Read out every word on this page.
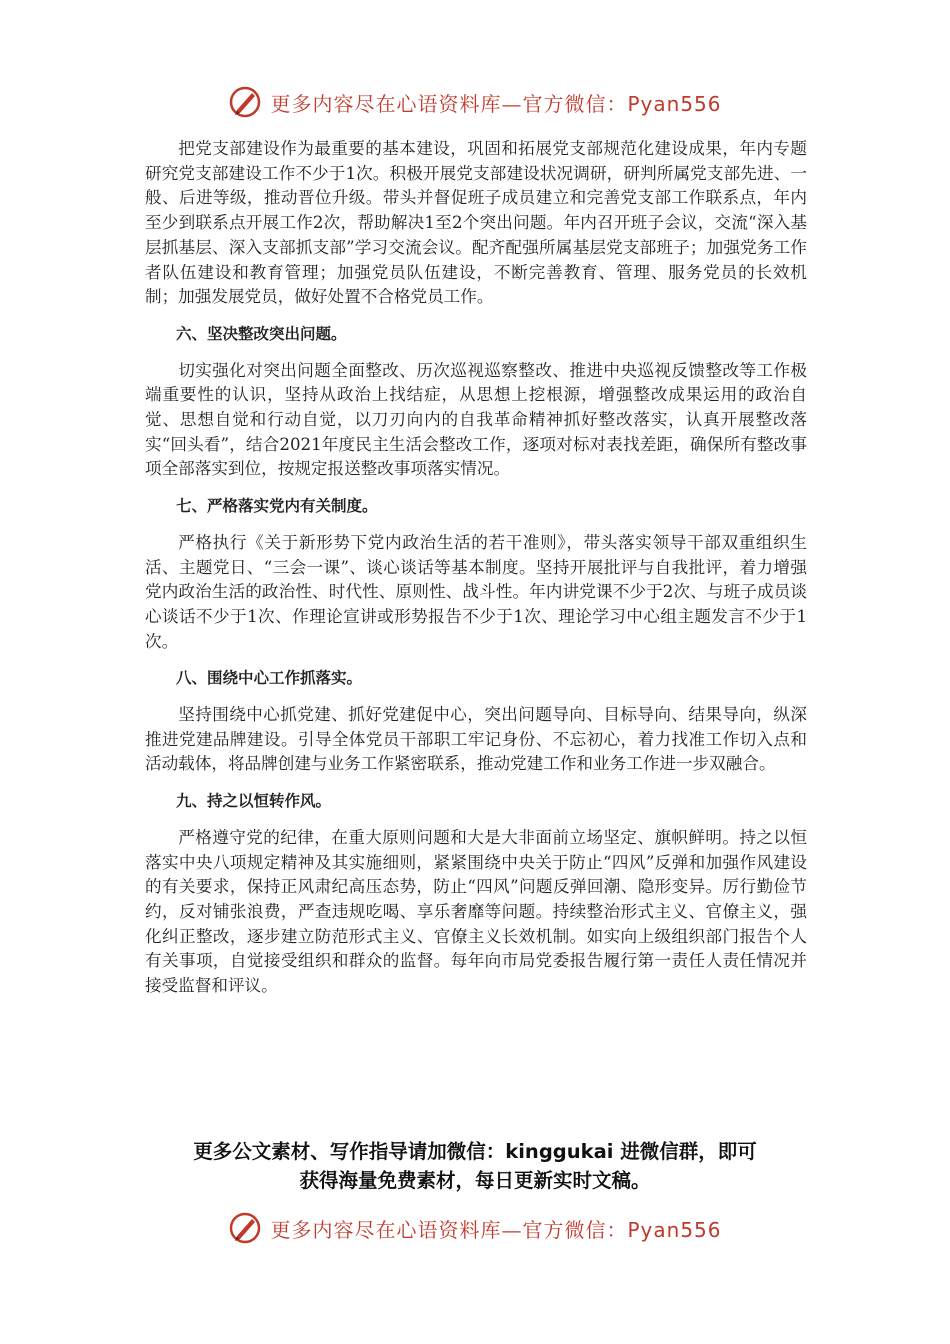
更多内容尽在心语资料库—官方微信：Pyan556

把党支部建设作为最重要的基本建设，巩固和拓展党支部规范化建设成果，年内专题研究党支部建设工作不少于1次。积极开展党支部建设状况调研，研判所属党支部先进、一般、后进等级，推动晋位升级。带头并督促班子成员建立和完善党支部工作联系点，年内至少到联系点开展工作2次，帮助解决1至2个突出问题。年内召开班子会议，交流“深入基层抓基层、深入支部抓支部”学习交流会议。配齐配强所属基层党支部班子；加强党务工作者队伍建设和教育管理；加强党员队伍建设，不断完善教育、管理、服务党员的长效机制；加强发展党员，做好处置不合格党员工作。

六、坚决整改突出问题。

切实强化对突出问题全面整改、历次巡视巡察整改、推进中央巡视反馈整改等工作极端重要性的认识，坚持从政治上找结症，从思想上挖根源，增强整改成果运用的政治自觉、思想自觉和行动自觉，以刀刃向内的自我革命精神抓好整改落实，认真开展整改落实“回头看”，结合2021年度民主生活会整改工作，逐项对标对表找差距，确保所有整改事项全部落实到位，按规定报送整改事项落实情况。

七、严格落实党内有关制度。

严格执行《关于新形势下党内政治生活的若干准则》，带头落实领导干部双重组织生活、主题党日、“三会一课”、谈心谈话等基本制度。坚持开展批评与自我批评，着力增强党内政治生活的政治性、时代性、原则性、战斗性。年内讲党课不少于2次、与班子成员谈心谈话不少于1次、作理论宣讲或形势报告不少于1次、理论学习中心组主题发言不少于1次。

八、围绕中心工作抓落实。

坚持围绕中心抓党建、抓好党建促中心，突出问题导向、目标导向、结果导向，纵深推进党建品牌建设。引导全体党员干部职工牢记身份、不忘初心，着力找准工作切入点和活动载体，将品牌创建与业务工作紧密联系，推动党建工作和业务工作进一步双融合。

九、持之以恒转作风。

严格遵守党的纪律，在重大原则问题和大是大非面前立场坚定、旗帜鲜明。持之以恒落实中央八项规定精神及其实施细则，紧紧围绕中央关于防止“四风”反弹和加强作风建设的有关要求，保持正风肃纪高压态势，防止“四风”问题反弹回潮、隐形变异。厉行勤俭节约，反对铺张浪费，严查违规吃喝、享乐奢靡等问题。持续整治形式主义、官僚主义，强化纠正整改，逐步建立防范形式主义、官僚主义长效机制。如实向上级组织部门报告个人有关事项，自觉接受组织和群众的监督。每年向市局党委报告履行第一责任人责任情况并接受监督和评议。

更多公文素材、写作指导请加微信：kinggukai 进微信群，即可
获得海量免费素材，每日更新实时文稿。
更多内容尽在心语资料库—官方微信：Pyan556
